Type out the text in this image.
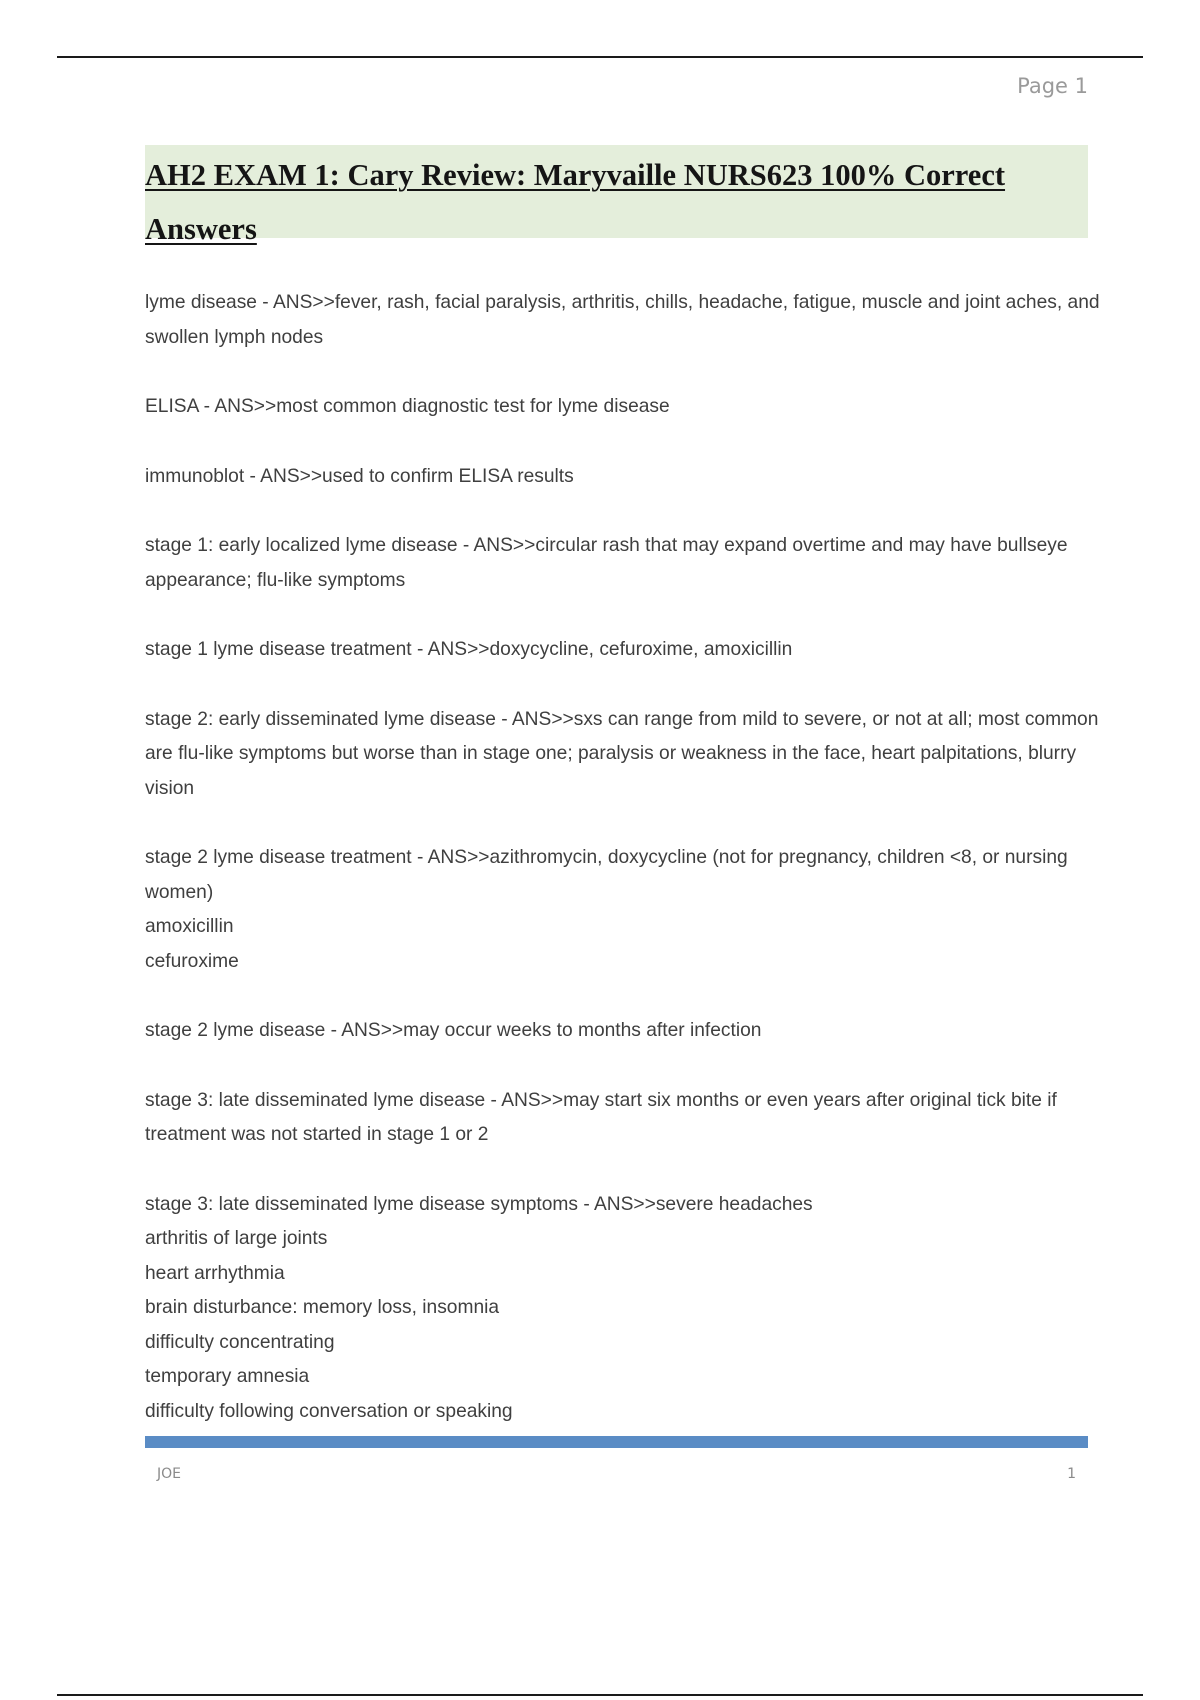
Page 1
AH2 EXAM 1: Cary Review: Maryvaille NURS623 100% Correct Answers
lyme disease - ANS>>fever, rash, facial paralysis, arthritis, chills, headache, fatigue, muscle and joint aches, and swollen lymph nodes
ELISA - ANS>>most common diagnostic test for lyme disease
immunoblot - ANS>>used to confirm ELISA results
stage 1: early localized lyme disease - ANS>>circular rash that may expand overtime and may have bullseye appearance; flu-like symptoms
stage 1 lyme disease treatment - ANS>>doxycycline, cefuroxime, amoxicillin
stage 2: early disseminated lyme disease - ANS>>sxs can range from mild to severe, or not at all; most common are flu-like symptoms but worse than in stage one; paralysis or weakness in the face, heart palpitations, blurry vision
stage 2 lyme disease treatment - ANS>>azithromycin, doxycycline (not for pregnancy, children <8, or nursing women)
amoxicillin
cefuroxime
stage 2 lyme disease - ANS>>may occur weeks to months after infection
stage 3: late disseminated lyme disease - ANS>>may start six months or even years after original tick bite if treatment was not started in stage 1 or 2
stage 3: late disseminated lyme disease symptoms - ANS>>severe headaches
arthritis of large joints
heart arrhythmia
brain disturbance: memory loss, insomnia
difficulty concentrating
temporary amnesia
difficulty following conversation or speaking
JOE	1
